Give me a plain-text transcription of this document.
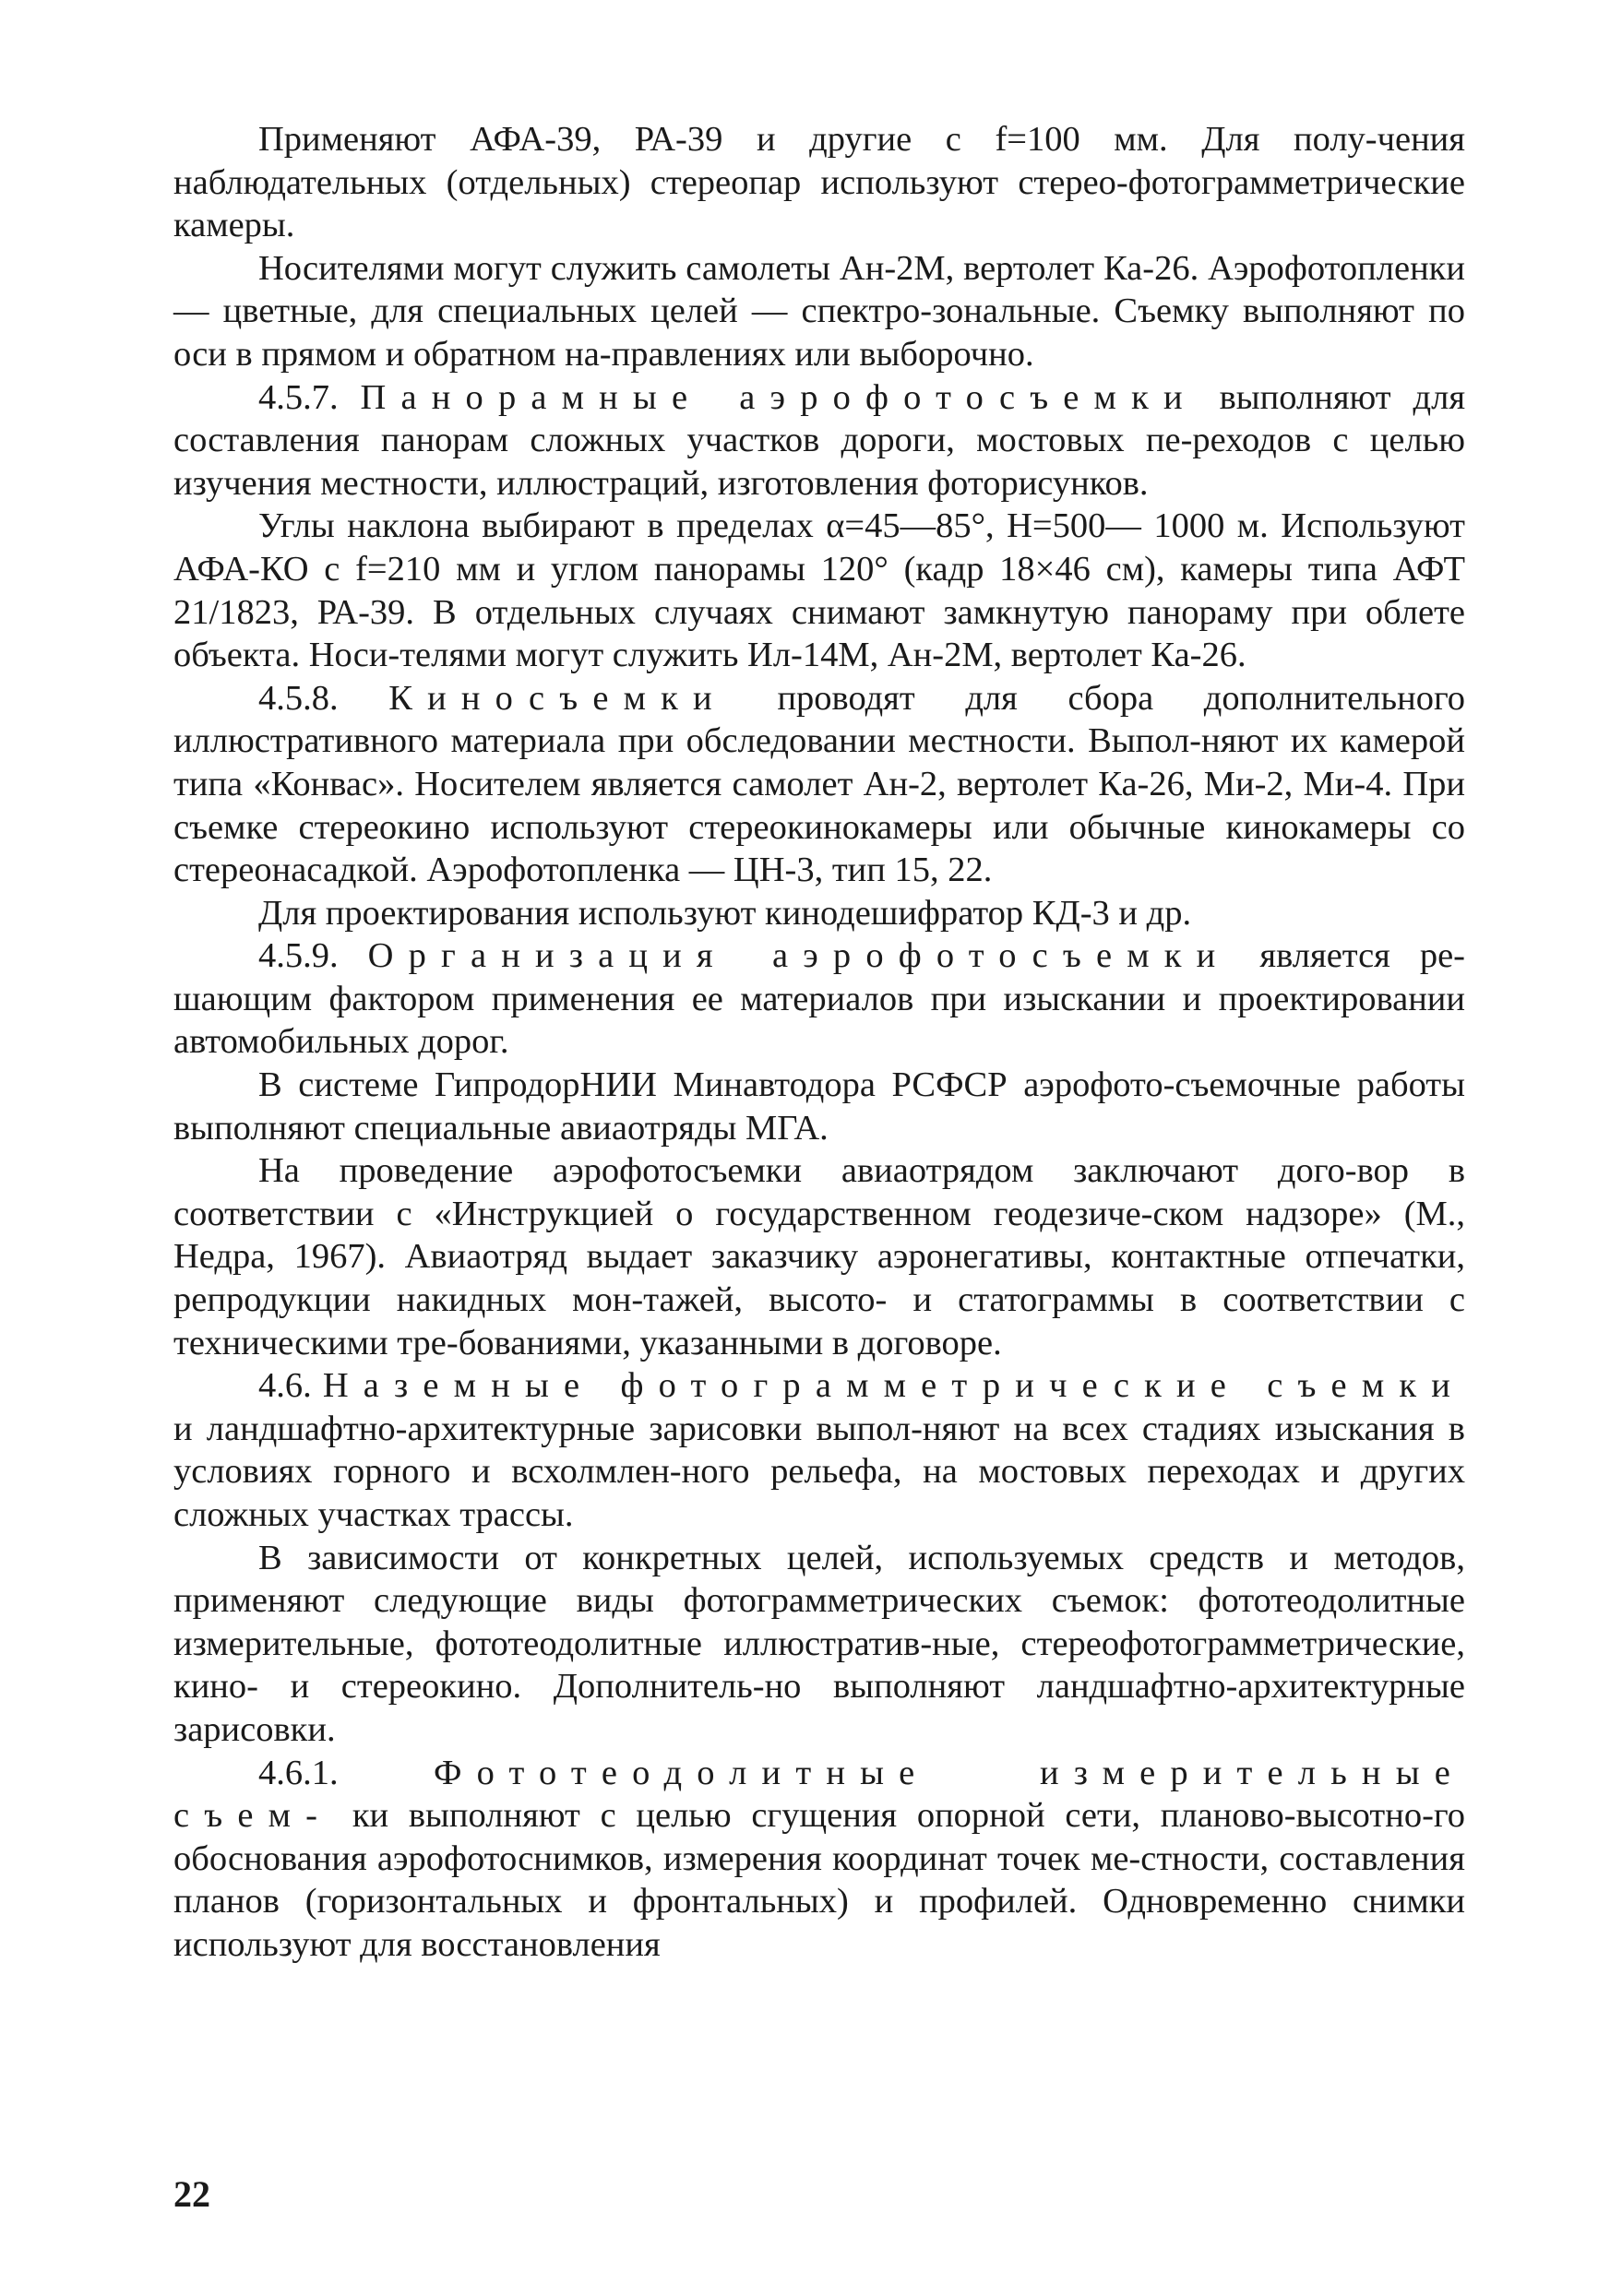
Применяют АФА-39, РА-39 и другие с f=100 мм. Для полу-чения наблюдательных (отдельных) стереопар используют стерео-фотограмметрические камеры.

Носителями могут служить самолеты Ан-2М, вертолет Ка-26. Аэрофотопленки — цветные, для специальных целей — спектро-зональные. Съемку выполняют по оси в прямом и обратном на-правлениях или выборочно.

4.5.7. Панорамные аэрофотосъемки выполняют для составления панорам сложных участков дороги, мостовых пе-реходов с целью изучения местности, иллюстраций, изготовления фоторисунков.

Углы наклона выбирают в пределах α=45—85°, H=500— 1000 м. Используют АФА-КО с f=210 мм и углом панорамы 120° (кадр 18×46 см), камеры типа АФТ 21/1823, РА-39. В отдельных случаях снимают замкнутую панораму при облете объекта. Носи-телями могут служить Ил-14М, Ан-2М, вертолет Ка-26.

4.5.8. Киносъемки проводят для сбора дополнительного иллюстративного материала при обследовании местности. Выпол-няют их камерой типа «Конвас». Носителем является самолет Ан-2, вертолет Ка-26, Ми-2, Ми-4. При съемке стереокино используют стереокинокамеры или обычные кинокамеры со стереонасадкой. Аэрофотопленка — ЦН-3, тип 15, 22.

Для проектирования используют кинодешифратор КД-3 и др.

4.5.9. Организация аэрофотосъемки является ре-шающим фактором применения ее материалов при изыскании и проектировании автомобильных дорог.

В системе ГипродорНИИ Минавтодора РСФСР аэрофото-съемочные работы выполняют специальные авиаотряды МГА.

На проведение аэрофотосъемки авиаотрядом заключают дого-вор в соответствии с «Инструкцией о государственном геодезиче-ском надзоре» (М., Недра, 1967). Авиаотряд выдает заказчику аэронегативы, контактные отпечатки, репродукции накидных мон-тажей, высото- и статограммы в соответствии с техническими тре-бованиями, указанными в договоре.

4.6. Наземные фотограмметрические съемки и ландшафтно-архитектурные зарисовки выпол-няют на всех стадиях изыскания в условиях горного и всхолмлен-ного рельефа, на мостовых переходах и других сложных участках трассы.

В зависимости от конкретных целей, используемых средств и методов, применяют следующие виды фотограмметрических съемок: фототеодолитные измерительные, фототеодолитные иллюстратив-ные, стереофотограмметрические, кино- и стереокино. Дополнитель-но выполняют ландшафтно-архитектурные зарисовки.

4.6.1. Фототеодолитные измерительные съем- ки выполняют с целью сгущения опорной сети, планово-высотно-го обоснования аэрофотоснимков, измерения координат точек ме-стности, составления планов (горизонтальных и фронтальных) и профилей. Одновременно снимки используют для восстановления

22
